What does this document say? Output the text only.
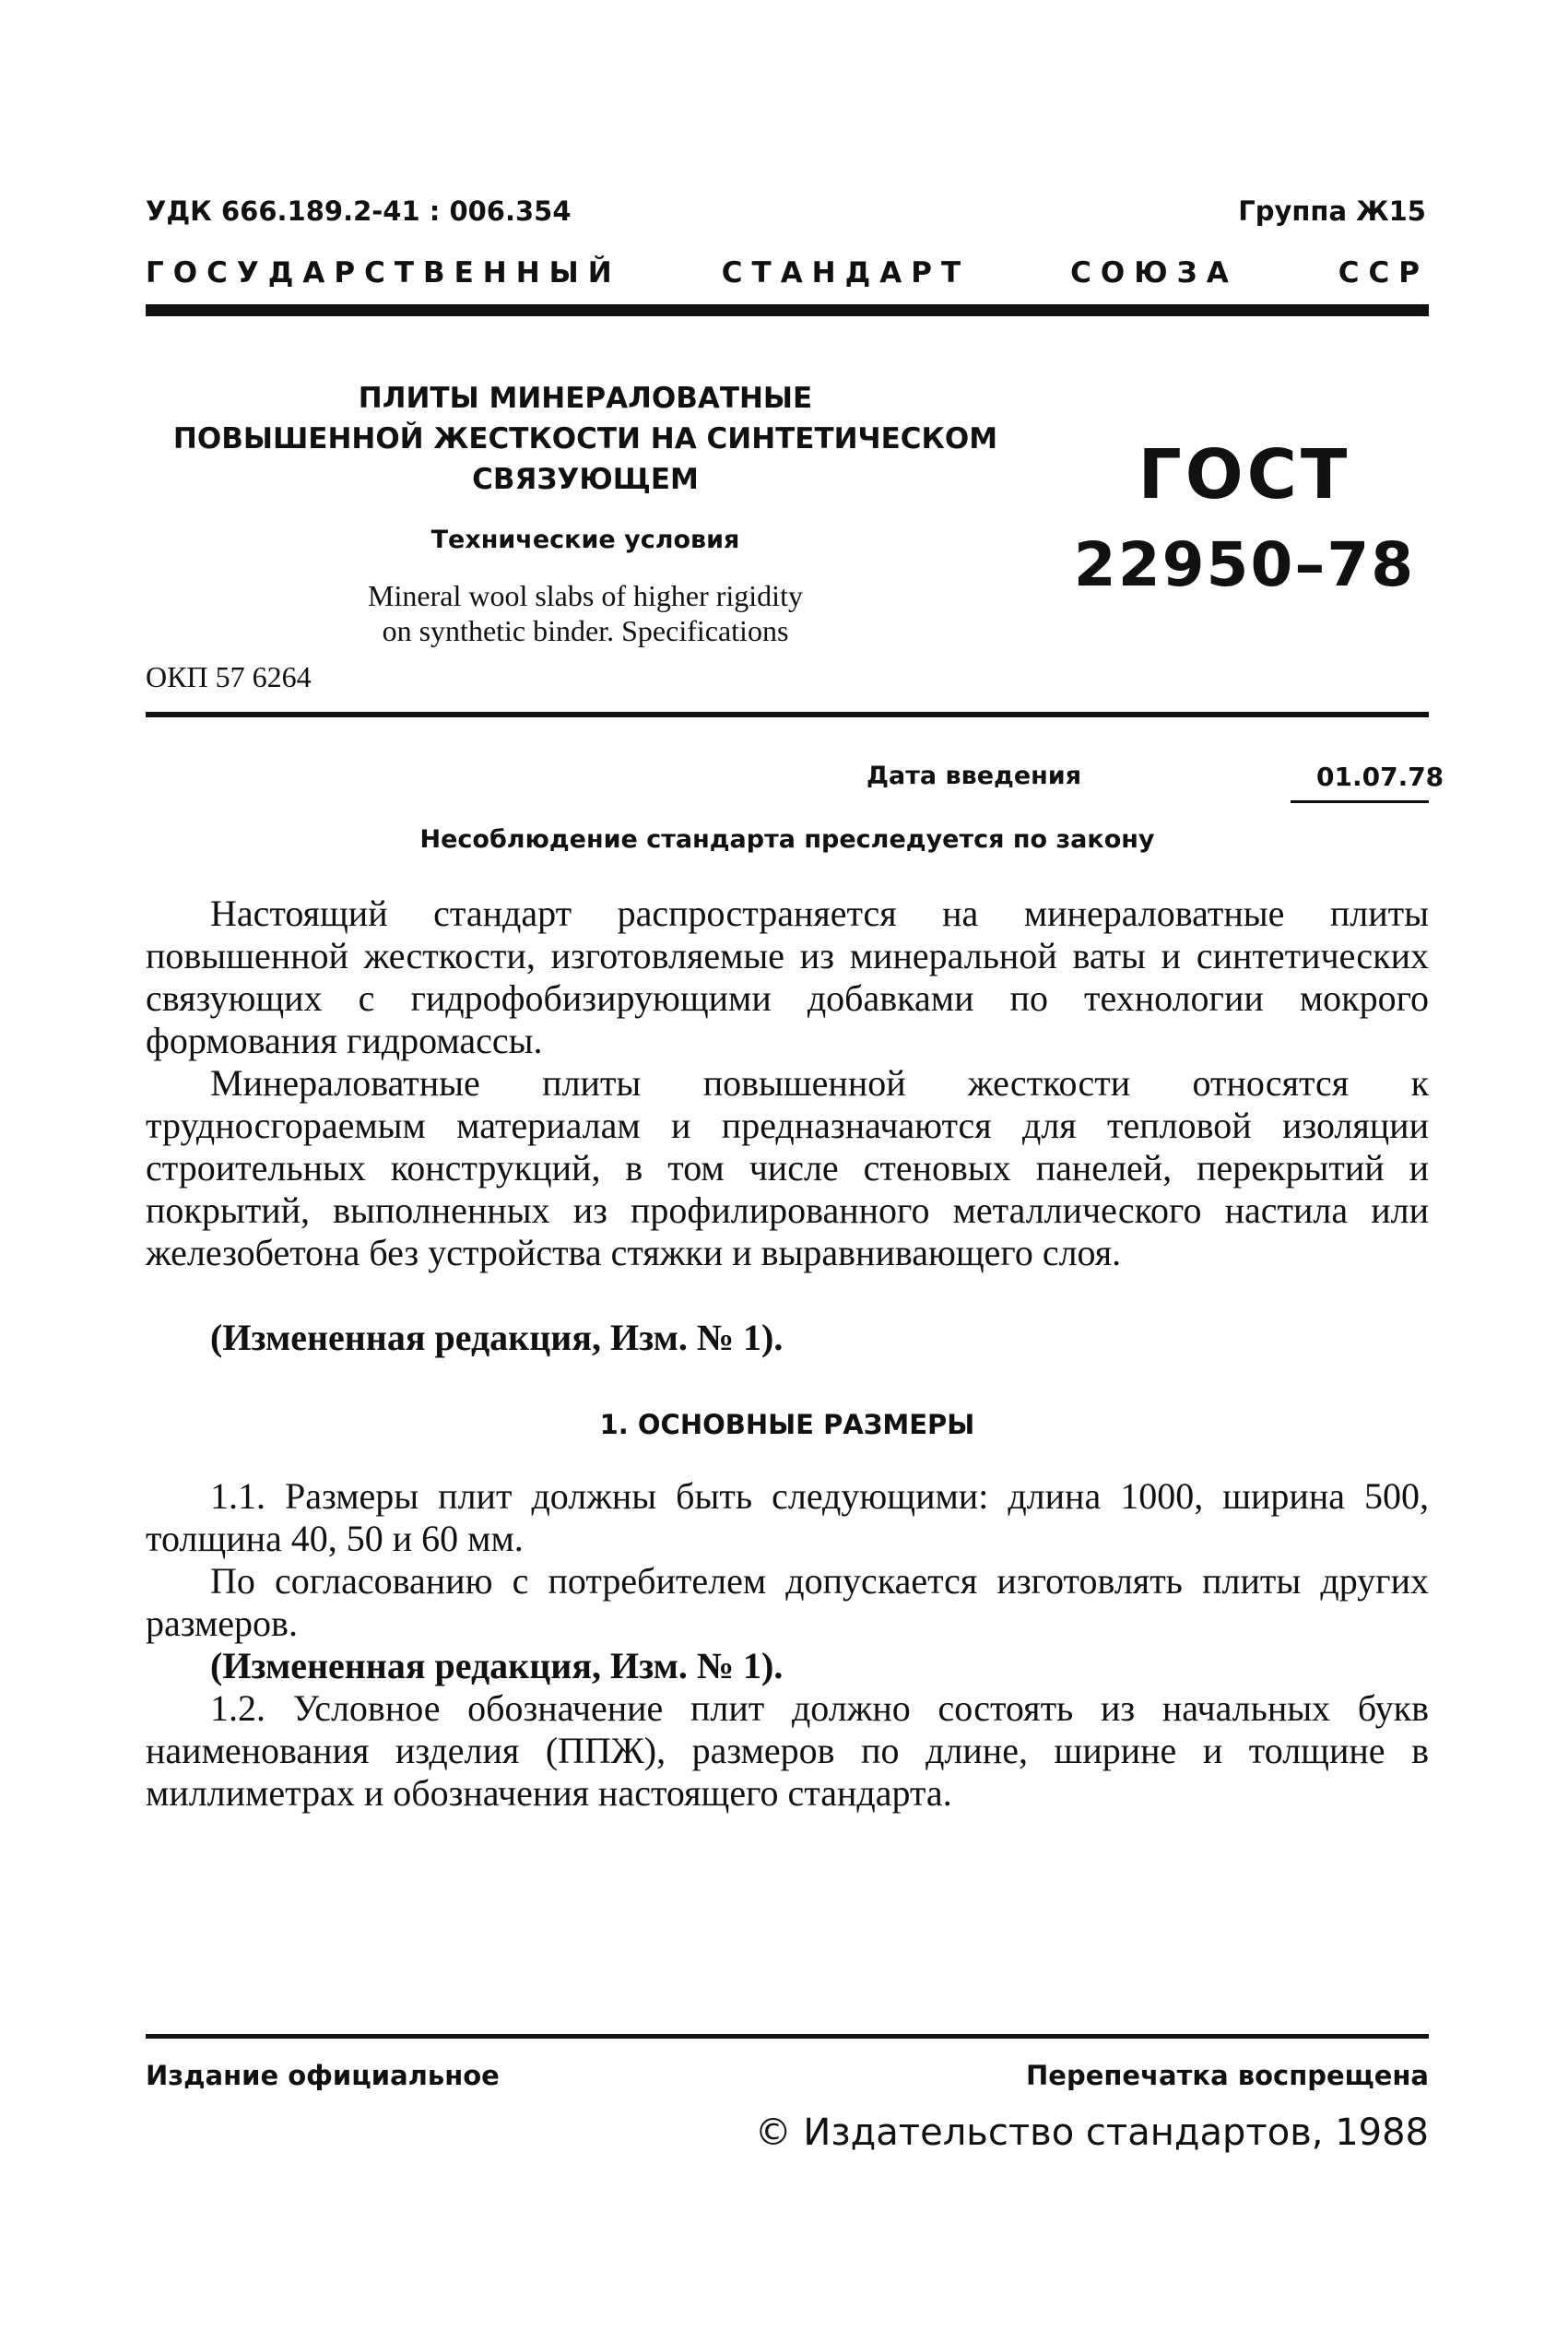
УДК 666.189.2-41 : 006.354	Группа Ж15
ГОСУДАРСТВЕННЫЙ	СТАНДАРТ	СОЮЗА	ССР
ПЛИТЫ МИНЕРАЛОВАТНЫЕ
ПОВЫШЕННОЙ ЖЕСТКОСТИ НА СИНТЕТИЧЕСКОМ
СВЯЗУЮЩЕМ
Технические условия
Mineral wool slabs of higher rigidity
on synthetic binder. Specifications
ГОСТ
22950–78
ОКП 57 6264
Дата введения	01.07.78
Несоблюдение стандарта преследуется по закону
Настоящий стандарт распространяется на минераловатные плиты повышенной жесткости, изготовляемые из минеральной ваты и синтетических связующих с гидрофобизирующими добавками по технологии мокрого формования гидромассы.
Минераловатные плиты повышенной жесткости относятся к трудносгораемым материалам и предназначаются для тепловой изоляции строительных конструкций, в том числе стеновых панелей, перекрытий и покрытий, выполненных из профилированного металлического настила или железобетона без устройства стяжки и выравнивающего слоя.
(Измененная редакция, Изм. № 1).
1. ОСНОВНЫЕ РАЗМЕРЫ
1.1. Размеры плит должны быть следующими: длина 1000, ширина 500, толщина 40, 50 и 60 мм.
По согласованию с потребителем допускается изготовлять плиты других размеров.
(Измененная редакция, Изм. № 1).
1.2. Условное обозначение плит должно состоять из начальных букв наименования изделия (ППЖ), размеров по длине, ширине и толщине в миллиметрах и обозначения настоящего стандарта.
Издание официальное	Перепечатка воспрещена
© Издательство стандартов, 1988
